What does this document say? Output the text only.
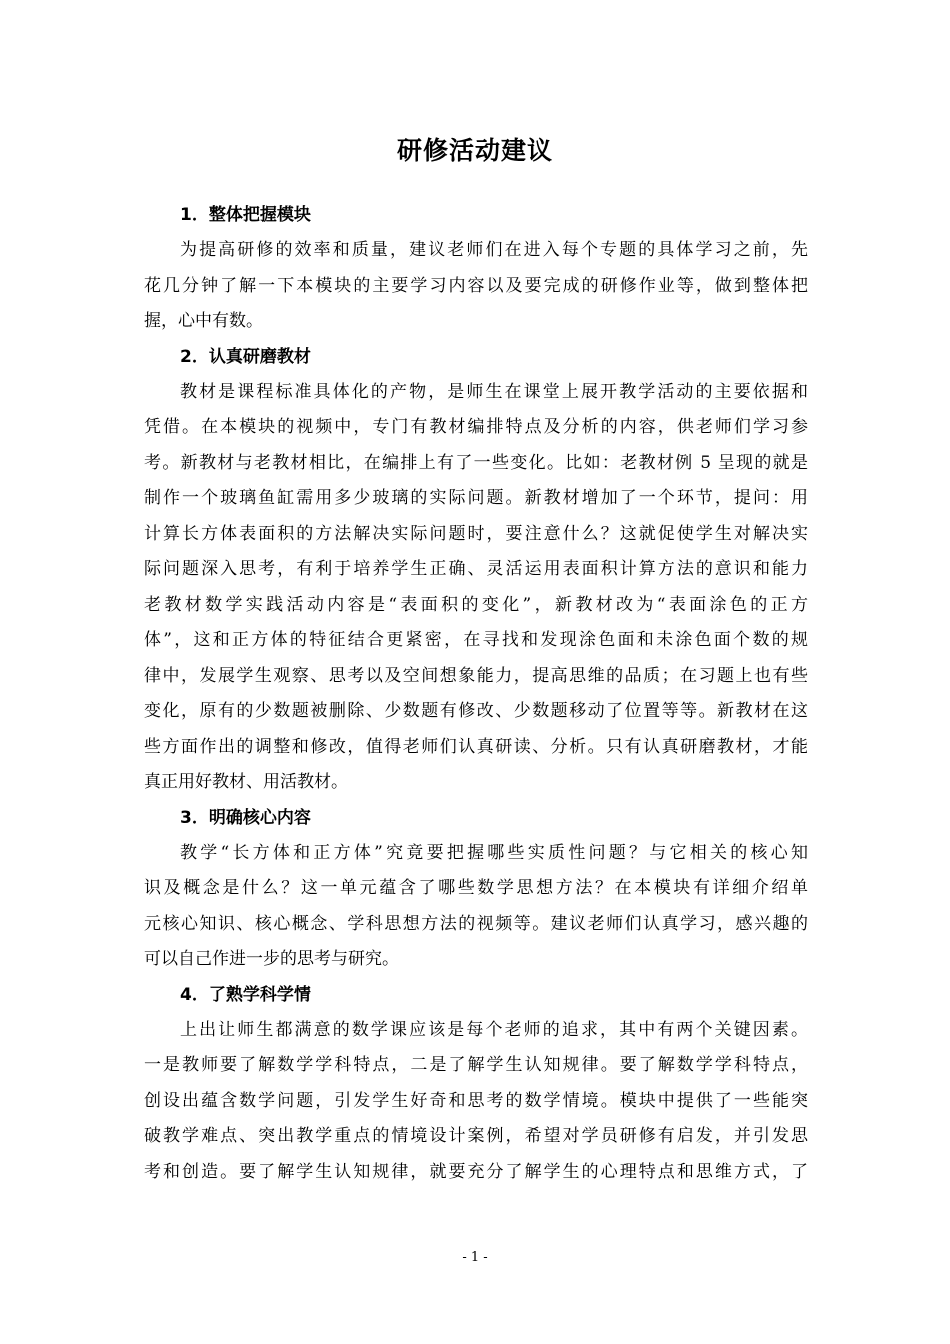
研修活动建议
1．整体把握模块

为提高研修的效率和质量，建议老师们在进入每个专题的具体学习之前，先
花几分钟了解一下本模块的主要学习内容以及要完成的研修作业等，做到整体把
握，心中有数。

2．认真研磨教材

教材是课程标准具体化的产物，是师生在课堂上展开教学活动的主要依据和
凭借。在本模块的视频中，专门有教材编排特点及分析的内容，供老师们学习参
考。新教材与老教材相比，在编排上有了一些变化。比如：老教材例 5 呈现的就是
制作一个玻璃鱼缸需用多少玻璃的实际问题。新教材增加了一个环节，提问：用
计算长方体表面积的方法解决实际问题时，要注意什么？这就促使学生对解决实
际问题深入思考，有利于培养学生正确、灵活运用表面积计算方法的意识和能力
老教材数学实践活动内容是“表面积的变化”，新教材改为“表面涂色的正方
体”，这和正方体的特征结合更紧密，在寻找和发现涂色面和未涂色面个数的规
律中，发展学生观察、思考以及空间想象能力，提高思维的品质；在习题上也有些
变化，原有的少数题被删除、少数题有修改、少数题移动了位置等等。新教材在这
些方面作出的调整和修改，值得老师们认真研读、分析。只有认真研磨教材，才能
真正用好教材、用活教材。

3．明确核心内容

教学“长方体和正方体”究竟要把握哪些实质性问题？与它相关的核心知
识及概念是什么？这一单元蕴含了哪些数学思想方法？在本模块有详细介绍单
元核心知识、核心概念、学科思想方法的视频等。建议老师们认真学习，感兴趣的
可以自己作进一步的思考与研究。

4．了熟学科学情

上出让师生都满意的数学课应该是每个老师的追求，其中有两个关键因素。
一是教师要了解数学学科特点，二是了解学生认知规律。要了解数学学科特点，
创设出蕴含数学问题，引发学生好奇和思考的数学情境。模块中提供了一些能突
破教学难点、突出教学重点的情境设计案例，希望对学员研修有启发，并引发思
考和创造。要了解学生认知规律，就要充分了解学生的心理特点和思维方式，了

- 1 -
